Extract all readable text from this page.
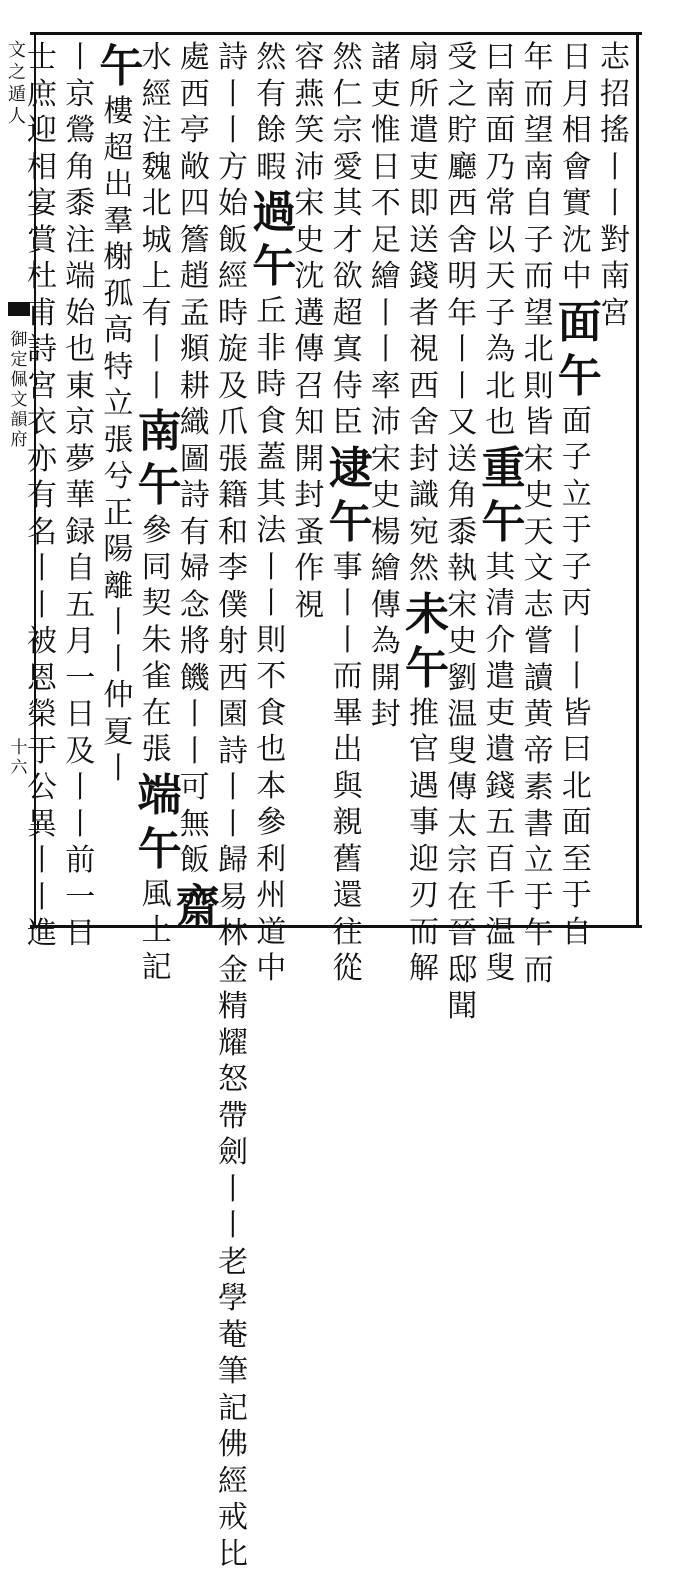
文
之
遁
人
御
定
佩
文
韻
府
十
六
志
招
搖
丨
丨
對
南
宮
日
月
相
會
實
沈
中
面
午
面
子
立
于
子
丙
丨
丨
皆
曰
北
面
至
于
自
年
而
望
南
自
子
而
望
北
則
皆
宋
史
天
文
志
嘗
讀
黄
帝
素
書
立
于
午
而
曰
南
面
乃
常
以
天
子
為
北
也
重
午
其
清
介
遣
吏
遺
錢
五
百
千
温
叟
受
之
貯
廳
西
舍
明
年
丨
丨
又
送
角
黍
執
宋
史
劉
温
叟
傳
太
宗
在
晉
邸
聞
扇
所
遣
吏
即
送
錢
者
視
西
舍
封
識
宛
然
未
午
推
官
遇
事
迎
刃
而
解
諸
吏
惟
日
不
足
繪
丨
丨
率
沛
宋
史
楊
繪
傳
為
開
封
然
仁
宗
愛
其
才
欲
超
寘
侍
臣
逮
午
事
丨
丨
而
畢
出
與
親
舊
還
往
從
容
燕
笑
沛
宋
史
沈
遘
傳
召
知
開
封
蚤
作
視
然
有
餘
暇
過
午
丘
非
時
食
蓋
其
法
丨
丨
則
不
食
也
本
參
利
州
道
中
詩
丨
丨
方
始
飯
經
時
旋
及
爪
張
籍
和
李
僕
射
西
園
詩
丨
丨
歸
易
林
金
精
耀
怒
帶
劍
丨
丨
老
學
菴
筆
記
佛
經
戒
比
處
西
亭
敞
四
簷
趙
孟
頫
耕
織
圖
詩
有
婦
念
將
饑
丨
丨
可
無
飯
齋
水
經
注
魏
北
城
上
有
丨
丨
南
午
參
同
契
朱
雀
在
張
端
午
風
土
記
午
樓
超
出
羣
榭
孤
高
特
立
張
兮
正
陽
離
丨
丨
仲
夏
丨
丨
京
鶯
角
黍
注
端
始
也
東
京
夢
華
録
自
五
月
一
日
及
丨
丨
前
一
日
士
庶
迎
相
宴
賞
杜
甫
詩
宮
衣
亦
有
名
丨
丨
被
恩
榮
于
公
異
丨
丨
進
